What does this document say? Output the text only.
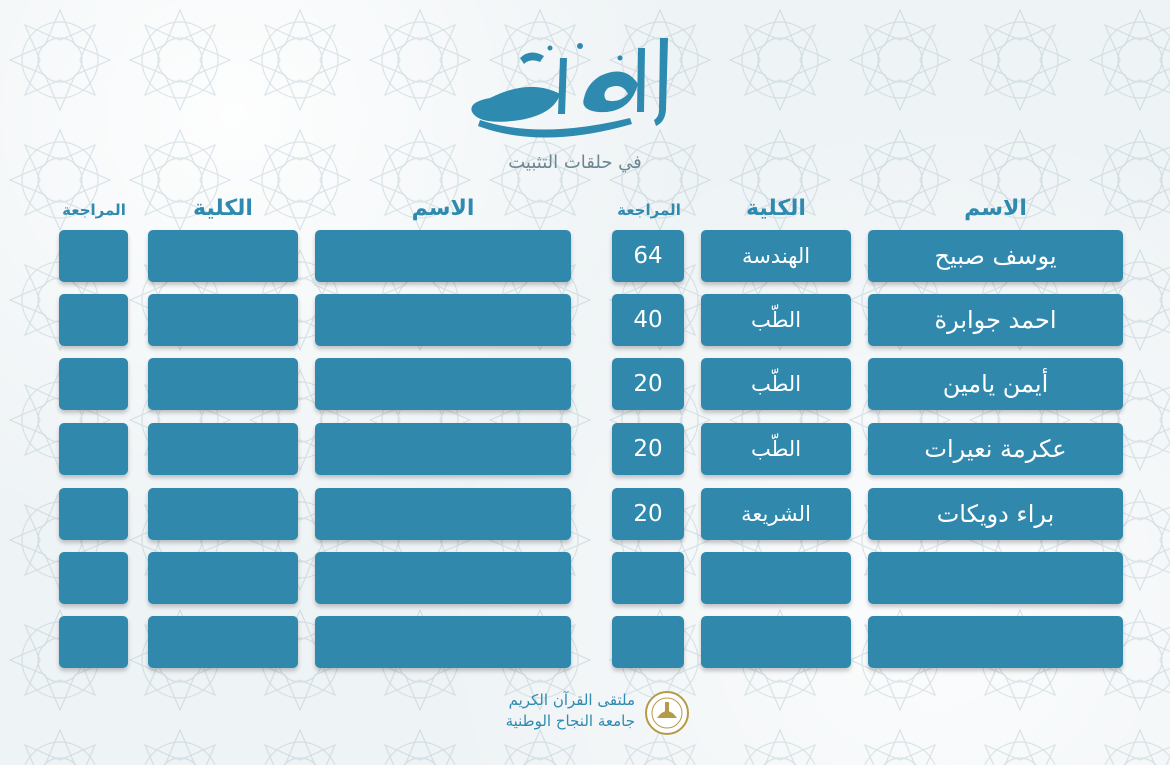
في حلقات التثبيت
الاسم
الكلية
المراجعة
الاسم
الكلية
المراجعة
يوسف صبيح
الهندسة
64
احمد جوابرة
الطّب
40
أيمن يامين
الطّب
20
عكرمة نعيرات
الطّب
20
براء دويكات
الشريعة
20
ملتقى القرآن الكريم
جامعة النجاح الوطنية
